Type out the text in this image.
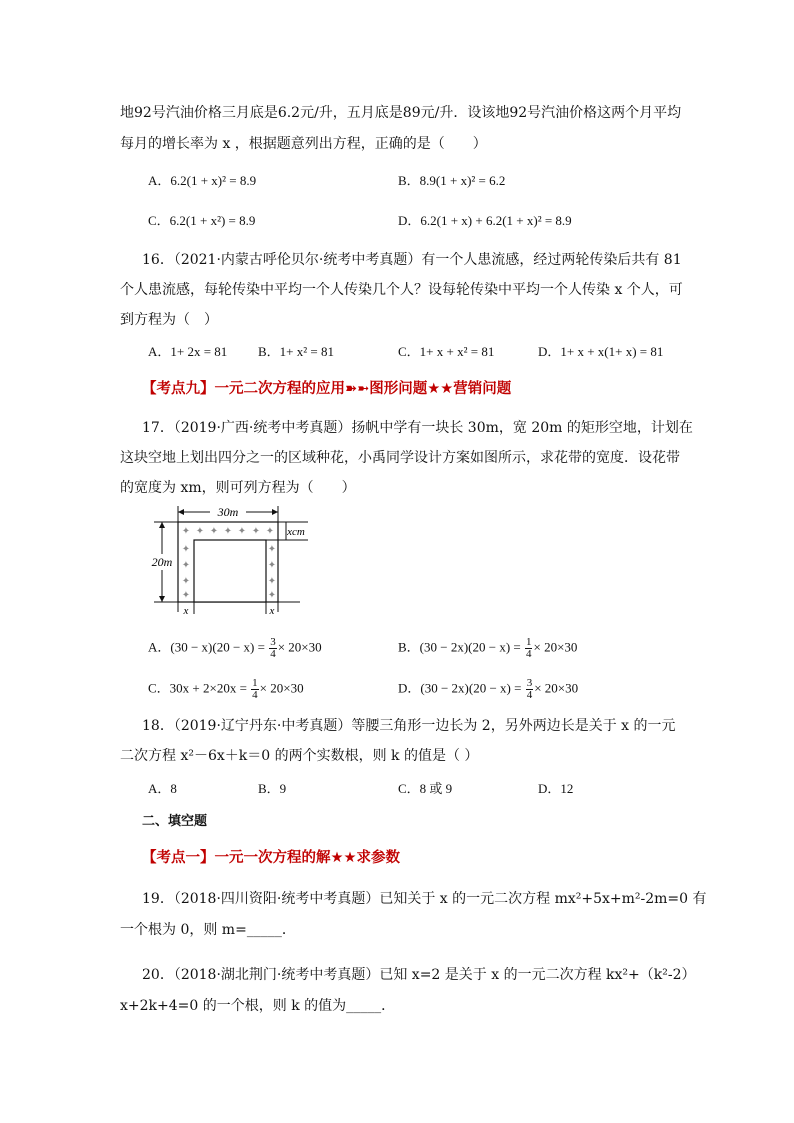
地92号汽油价格三月底是6.2元/升，五月底是89元/升．设该地92号汽油价格这两个月平均
每月的增长率为 x ，根据题意列出方程，正确的是（　　）
A．6.2(1 + x)² = 8.9	B．8.9(1 + x)² = 6.2
C．6.2(1 + x²) = 8.9	D．6.2(1 + x) + 6.2(1 + x)² = 8.9
16．（2021·内蒙古呼伦贝尔·统考中考真题）有一个人患流感，经过两轮传染后共有 81
个人患流感，每轮传染中平均一个人传染几个人？设每轮传染中平均一个人传染 x 个人，可
到方程为（　）
A．1+ 2x = 81 B．1+ x² = 81	C．1+ x + x² = 81	D．1+ x + x(1+ x) = 81
【考点九】一元二次方程的应用➽➼图形问题★★营销问题
17．（2019·广西·统考中考真题）扬帆中学有一块长 30m，宽 20m 的矩形空地，计划在
这块空地上划出四分之一的区域种花，小禹同学设计方案如图所示，求花带的宽度．设花带
的宽度为 xm，则可列方程为（　　）
30m
20m
✦ ✦ ✦ ✦ ✦ ✦ ✦
✦
✦
✦
✦
✦
✦
✦
✦
xcm
x	x
A．$(30 - x)(20 - x) = \frac{3}{4} \times 20\times 30$	B．$(30 - 2x)(20 - x) = \frac{1}{4} \times 20\times 30$
C．$30x + 2\times 20x = \frac{1}{4} \times 20\times 30$	D．$(30 - 2x)(20 - x) = \frac{3}{4} \times 20\times 30$
18．（2019·辽宁丹东·中考真题）等腰三角形一边长为 2，另外两边长是关于 x 的一元
二次方程 x²－6x＋k＝0 的两个实数根，则 k 的值是（ ）
A．8	B．9	C．8 或 9	D．12
二、填空题
【考点一】一元一次方程的解★★求参数
19．（2018·四川资阳·统考中考真题）已知关于 x 的一元二次方程 mx²+5x+m²-2m=0 有
一个根为 0，则 m=_____．
20．（2018·湖北荆门·统考中考真题）已知 x=2 是关于 x 的一元二次方程 kx²+（k²-2）
x+2k+4=0 的一个根，则 k 的值为_____．
